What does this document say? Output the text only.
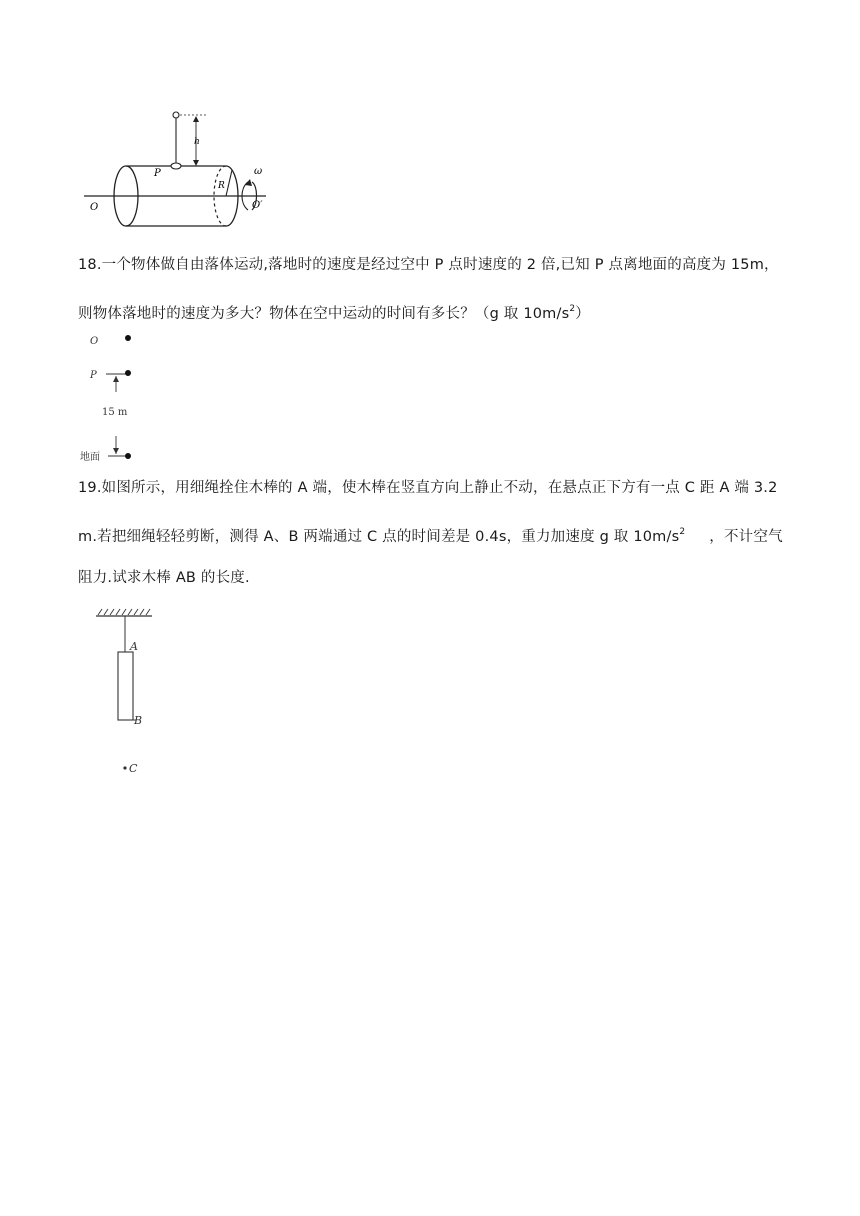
h
P
R
ω
O	O′
18.一个物体做自由落体运动,落地时的速度是经过空中 P 点时速度的 2 倍,已知 P 点离地面的高度为 15m，
则物体落地时的速度为多大？物体在空中运动的时间有多长？（g 取 $10m/s^2$）
O
P
15 m
地面
19.如图所示，用细绳拴住木棒的 A 端，使木棒在竖直方向上静止不动，在悬点正下方有一点 C 距 A 端 3.2
m.若把细绳轻轻剪断，测得 A、B 两端通过 C 点的时间差是 0.4s，重力加速度 g 取 $10m/s^2$ ，不计空气
阻力.试求木棒 AB 的长度.
A
B
C
